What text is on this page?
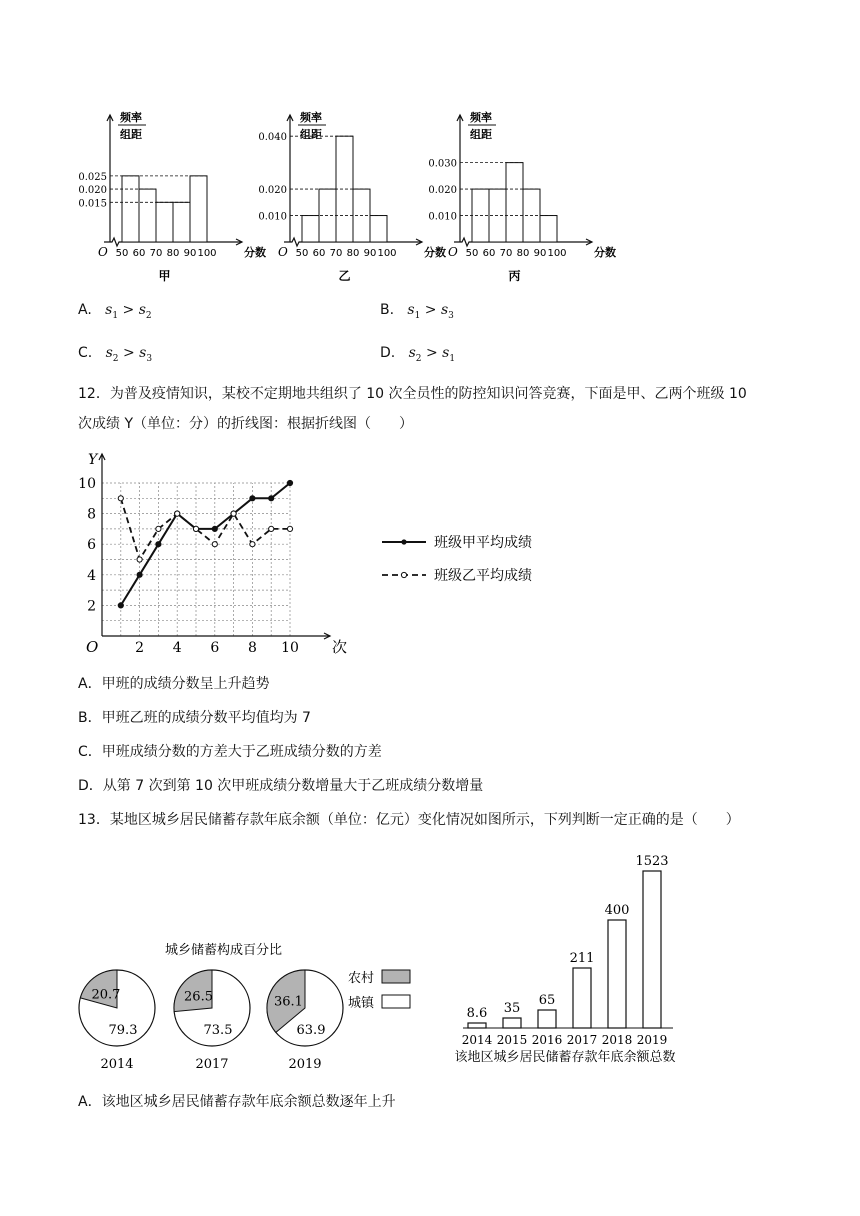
频率
组距
0.025
0.020
0.015
50 60 70 80 90 100 分数
O
甲
频率
组距
0.040
0.020
0.010
50 60 70 80 90 100 分数
O
乙
频率
组距
0.030
0.020
0.010
50 60 70 80 90 100 分数
O
丙
A. $s_1 > s_2$	B. $s_1 > s_3$
C. $s_2 > s_3$	D. $s_2 > s_1$
12．为普及疫情知识，某校不定期地共组织了 10 次全员性的防控知识问答竞赛，下面是甲、乙两个班级 10
次成绩 Y（单位：分）的折线图：根据折线图（　　）
Y
次
O	2 4 6 8 10
2
4
6
8
10
班级甲平均成绩
班级乙平均成绩
A．甲班的成绩分数呈上升趋势
B．甲班乙班的成绩分数平均值均为 7
C．甲班成绩分数的方差大于乙班成绩分数的方差
D．从第 7 次到第 10 次甲班成绩分数增量大于乙班成绩分数增量
13．某地区城乡居民储蓄存款年底余额（单位：亿元）变化情况如图所示，下列判断一定正确的是（　　）
城乡储蓄构成百分比
20.7
79.3
2014
26.5
73.5
2017
36.1
63.9
2019
农村
城镇
8.6
2014
35
2015
65
2016
211
2017
400
2018
1523
2019
该地区城乡居民储蓄存款年底余额总数
A．该地区城乡居民储蓄存款年底余额总数逐年上升
